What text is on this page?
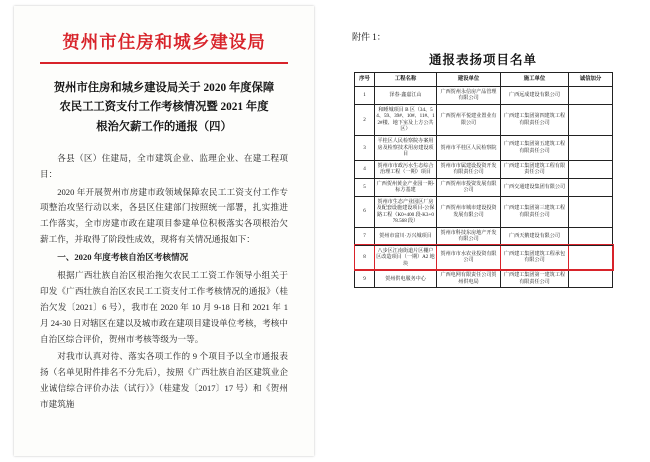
贺州市住房和城乡建设局
贺州市住房和城乡建设局关于 2020 年度保障
农民工工资支付工作考核情况暨 2021 年度
根治欠薪工作的通报（四）

各县（区）住建局，全市建筑企业、监理企业、在建工程项目：

2020 年开展贺州市房建市政领域保障农民工工资支付工作专项整治攻坚行动以来，各县区住建部门按照统一部署，扎实推进工作落实，全市房建市政在建项目参建单位积极落实各项根治欠薪工作，并取得了阶段性成效，现将有关情况通报如下：

一、2020 年度考核自治区考核情况

根据广西壮族自治区根治拖欠农民工工资工作领导小组关于印发《广西壮族自治区农民工工资支付工作考核情况的通报》（桂治欠发〔2021〕6 号），我市在 2020 年 10 月 9-18 日和 2021 年 1 月 24-30 日对辖区在建以及城市政在建项目建设单位考核，考核中自治区综合评价，贺州市考核等级为一等。

对我市认真对待、落实各项工作的 9 个项目予以全市通报表扬（名单见附件排名不分先后），按照《广西壮族自治区建筑业企业诚信综合评价办法（试行）》（桂建发〔2017〕17 号）和《贺州市建筑施

附件 1：
通报表扬项目名单
序号	工程名称	建设单位	施工单位	诚信加分
1	泽春·鑫嘉江山	广西贺州永信房产品管理有限公司	广西远成建设有限公司	
2	和睡城项目 B 区（34、54、59、39#、10#、11#、12#楼、地下室及上方公共区）	广西贺州平悦建业置业有限公司	广西建工集团第四建筑工程有限责任公司	
3	平桂区人民检察院办案用房及检察技术用房建设项目	贺州市平桂区人民检察院	广西建工集团第五建筑工程有限责任公司	
4	贺州市市政污水生态综合治理工程（一期）项目	贺州市市属建设投资开发有限责任公司	广西建工集团建筑工程有限责任公司	
5	广西贺州黄金产业园一期-标方基建	广西贺州市投资发展有限公司	广西交通建设集团有限公司	
6	贺州市生态产业园区厂房及配套设施建设项目-公保路工程（K0+400 段-K3+078.568 段）	广西贺州市城市建设投资发展有限公司	广西建工集团第三建筑工程有限责任公司	
7	贺州市富川·万兴城项目	贺州市科技东房地产开发有限公司	广西天鹅建设有限公司	
8	八步区江南街道片区棚户区改造项目（一期）A2 地块	贺州市市水农业投资有限公司	广西建工集团建筑工程承包有限公司	
9	贺州供电服务中心	广西电网有限责任公司贺州供电局	广西建工集团第一建筑工程有限责任公司	
